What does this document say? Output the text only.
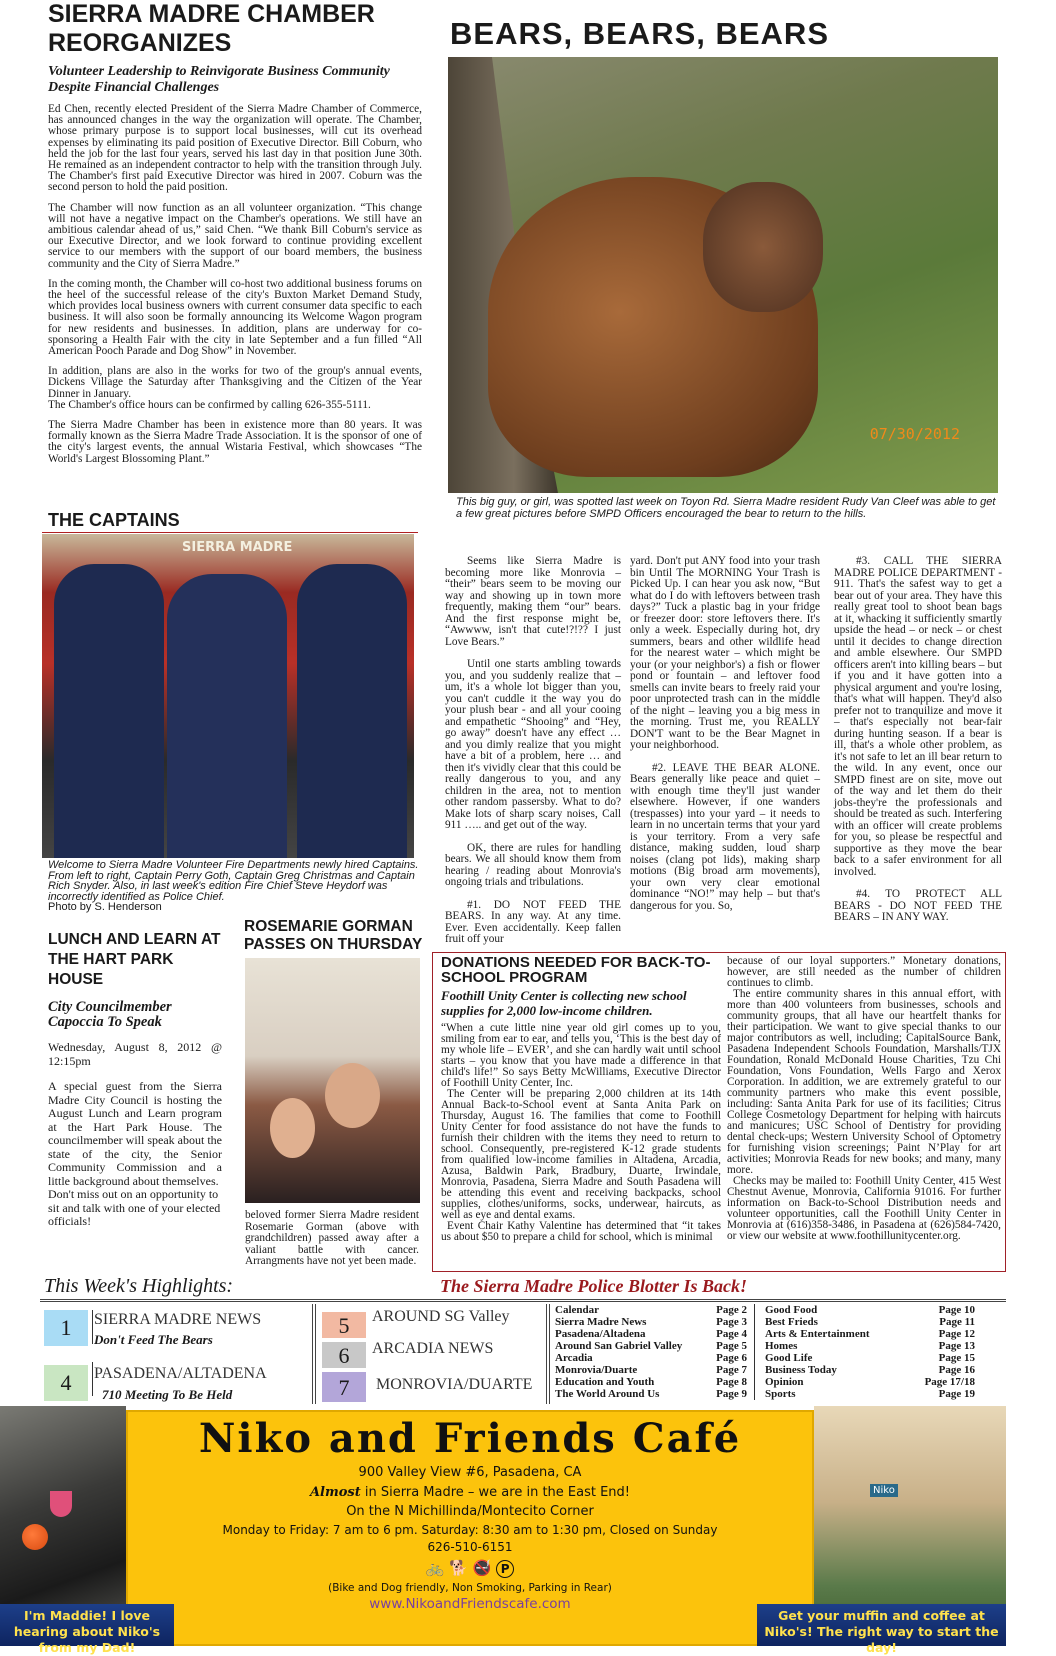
SIERRA MADRE CHAMBER
REORGANIZES
Volunteer Leadership to Reinvigorate Business Community Despite Financial Challenges

Ed Chen, recently elected President of the Sierra Madre Chamber of Commerce, has announced changes in the way the organization will operate. The Chamber, whose primary purpose is to support local businesses, will cut its overhead expenses by eliminating its paid position of Executive Director. Bill Coburn, who held the job for the last four years, served his last day in that position June 30th. He remained as an independent contractor to help with the transition through July. The Chamber's first paid Executive Director was hired in 2007. Coburn was the second person to hold the paid position.

The Chamber will now function as an all volunteer organization. “This change will not have a negative impact on the Chamber's operations. We still have an ambitious calendar ahead of us,” said Chen. “We thank Bill Coburn's service as our Executive Director, and we look forward to continue providing excellent service to our members with the support of our board members, the business community and the City of Sierra Madre.”

In the coming month, the Chamber will co-host two additional business forums on the heel of the successful release of the city's Buxton Market Demand Study, which provides local business owners with current consumer data specific to each business. It will also soon be formally announcing its Welcome Wagon program for new residents and businesses. In addition, plans are underway for co-sponsoring a Health Fair with the city in late September and a fun filled “All American Pooch Parade and Dog Show” in November.

In addition, plans are also in the works for two of the group's annual events, Dickens Village the Saturday after Thanksgiving and the Citizen of the Year Dinner in January.

The Chamber's office hours can be confirmed by calling 626-355-5111.

The Sierra Madre Chamber has been in existence more than 80 years. It was formally known as the Sierra Madre Trade Association. It is the sponsor of one of the city's largest events, the annual Wistaria Festival, which showcases “The World's Largest Blossoming Plant.”

BEARS, BEARS, BEARS
07/30/2012
This big guy, or girl, was spotted last week on Toyon Rd. Sierra Madre resident Rudy Van Cleef was able to get a few great pictures before SMPD Officers encouraged the bear to return to the hills.

Seems like Sierra Madre is becoming more like Monrovia – “their” bears seem to be moving our way and showing up in town more frequently, making them “our” bears. And the first response might be, “Awwww, isn't that cute!?!?? I just Love Bears.”

Until one starts ambling towards you, and you suddenly realize that – um, it's a whole lot bigger than you, you can't cuddle it the way you do your plush bear - and all your cooing and empathetic “Shooing” and “Hey, go away” doesn't have any effect … and you dimly realize that you might have a bit of a problem, here … and then it's vividly clear that this could be really dangerous to you, and any children in the area, not to mention other random passersby. What to do? Make lots of sharp scary noises, Call 911 ….. and get out of the way.

OK, there are rules for handling bears. We all should know them from hearing / reading about Monrovia's ongoing trials and tribulations.

#1. DO NOT FEED THE BEARS. In any way. At any time. Ever. Even accidentally. Keep fallen fruit off your

yard. Don't put ANY food into your trash bin Until The MORNING Your Trash is Picked Up. I can hear you ask now, “But what do I do with leftovers between trash days?” Tuck a plastic bag in your fridge or freezer door: store leftovers there. It's only a week. Especially during hot, dry summers, bears and other wildlife head for the nearest water – which might be your (or your neighbor's) a fish or flower pond or fountain – and leftover food smells can invite bears to freely raid your poor unprotected trash can in the middle of the night – leaving you a big mess in the morning. Trust me, you REALLY DON'T want to be the Bear Magnet in your neighborhood.

#2. LEAVE THE BEAR ALONE. Bears generally like peace and quiet – with enough time they'll just wander elsewhere. However, if one wanders (trespasses) into your yard – it needs to learn in no uncertain terms that your yard is your territory. From a very safe distance, making sudden, loud sharp noises (clang pot lids), making sharp motions (Big broad arm movements), your own very clear emotional dominance “NO!” may help – but that's dangerous for you. So,

#3. CALL THE SIERRA MADRE POLICE DEPARTMENT - 911. That's the safest way to get a bear out of your area. They have this really great tool to shoot bean bags at it, whacking it sufficiently smartly upside the head – or neck – or chest until it decides to change direction and amble elsewhere. Our SMPD officers aren't into killing bears – but if you and it have gotten into a physical argument and you're losing, that's what will happen. They'd also prefer not to tranquilize and move it – that's especially not bear-fair during hunting season. If a bear is ill, that's a whole other problem, as it's not safe to let an ill bear return to the wild. In any event, once our SMPD finest are on site, move out of the way and let them do their jobs-they're the professionals and should be treated as such. Interfering with an officer will create problems for you, so please be respectful and supportive as they move the bear back to a safer environment for all involved.

#4. TO PROTECT ALL BEARS - DO NOT FEED THE BEARS – IN ANY WAY.

THE CAPTAINS
SIERRA MADRE
Welcome to Sierra Madre Volunteer Fire Departments newly hired Captains. From left to right, Captain Perry Goth, Captain Greg Christmas and Captain Rich Snyder. Also, in last week's edition Fire Chief Steve Heydorf was incorrectly identified as Police Chief.
Photo by S. Henderson
LUNCH AND LEARN AT THE HART PARK HOUSE
City Councilmember Capoccia To Speak
Wednesday, August 8, 2012 @ 12:15pm
A special guest from the Sierra Madre City Council is hosting the August Lunch and Learn program at the Hart Park House. The councilmember will speak about the state of the city, the Senior Community Commission and a little background about themselves.
Don't miss out on an opportunity to sit and talk with one of your elected officials!
ROSEMARIE GORMAN PASSES ON THURSDAY
beloved former Sierra Madre resident Rosemarie Gorman (above with grandchildren) passed away after a valiant battle with cancer. Arrangments have not yet been made.
DONATIONS NEEDED FOR BACK-TO-SCHOOL PROGRAM
Foothill Unity Center is collecting new school supplies for 2,000 low-income children.

“When a cute little nine year old girl comes up to you, smiling from ear to ear, and tells you, ‘This is the best day of my whole life – EVER’, and she can hardly wait until school starts – you know that you have made a difference in that child's life!” So says Betty McWilliams, Executive Director of Foothill Unity Center, Inc.

The Center will be preparing 2,000 children at its 14th Annual Back-to-School event at Santa Anita Park on Thursday, August 16. The families that come to Foothill Unity Center for food assistance do not have the funds to furnish their children with the items they need to return to school. Consequently, pre-registered K-12 grade students from qualified low-income families in Altadena, Arcadia, Azusa, Baldwin Park, Bradbury, Duarte, Irwindale, Monrovia, Pasadena, Sierra Madre and South Pasadena will be attending this event and receiving backpacks, school supplies, clothes/uniforms, socks, underwear, haircuts, as well as eye and dental exams.

Event Chair Kathy Valentine has determined that “it takes us about $50 to prepare a child for school, which is minimal

because of our loyal supporters.” Monetary donations, however, are still needed as the number of children continues to climb.

The entire community shares in this annual effort, with more than 400 volunteers from businesses, schools and community groups, that all have our heartfelt thanks for their participation. We want to give special thanks to our major contributors as well, including; CapitalSource Bank, Pasadena Independent Schools Foundation, Marshalls/TJX Foundation, Ronald McDonald House Charities, Tzu Chi Foundation, Vons Foundation, Wells Fargo and Xerox Corporation. In addition, we are extremely grateful to our community partners who make this event possible, including: Santa Anita Park for use of its facilities; Citrus College Cosmetology Department for helping with haircuts and manicures; USC School of Dentistry for providing dental check-ups; Western University School of Optometry for furnishing vision screenings; Paint N’Play for art activities; Monrovia Reads for new books; and many, many more.

Checks may be mailed to: Foothill Unity Center, 415 West Chestnut Avenue, Monrovia, California 91016. For further information on Back-to-School Distribution needs and volunteer opportunities, call the Foothill Unity Center in Monrovia at (616)358-3486, in Pasadena at (626)584-7420, or view our website at www.foothillunitycenter.org.

This Week's Highlights:	The Sierra Madre Police Blotter Is Back!
1	SIERRA MADRE NEWS
Don't Feed The Bears
4	PASADENA/ALTADENA
710 Meeting To Be Held
5	AROUND SG Valley
6	ARCADIA NEWS
7	MONROVIA/DUARTE
Calendar	Page 2
Sierra Madre News	Page 3
Pasadena/Altadena	Page 4
Around San Gabriel Valley	Page 5
Arcadia	Page 6
Monrovia/Duarte	Page 7
Education and Youth	Page 8
The World Around Us	Page 9
Good Food	Page 10
Best Frieds	Page 11
Arts & Entertainment	Page 12
Homes	Page 13
Good Life	Page 15
Business Today	Page 16
Opinion	Page 17/18
Sports	Page 19
Niko and Friends Café
900 Valley View #6, Pasadena, CA
Almost in Sierra Madre – we are in the East End!
On the N Michillinda/Montecito Corner
Monday to Friday: 7 am to 6 pm. Saturday: 8:30 am to 1:30 pm, Closed on Sunday
626-510-6151
🚲 🐕 🚭 P
(Bike and Dog friendly, Non Smoking, Parking in Rear)
www.NikoandFriendscafe.com
Niko
I'm Maddie! I love hearing about Niko's from my Dad!
Get your muffin and coffee at Niko's! The right way to start the day!
